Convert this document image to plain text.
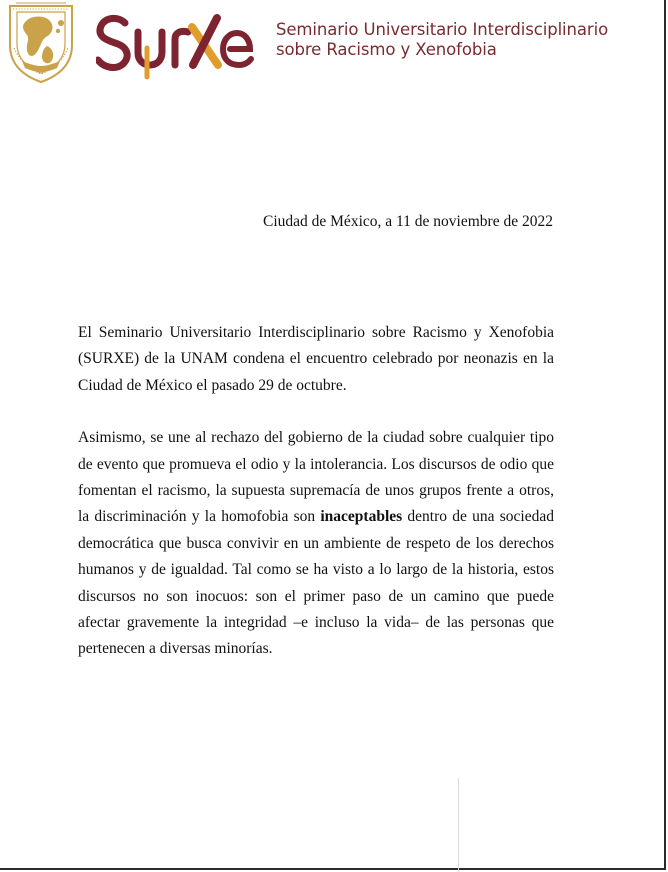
Seminario Universitario Interdisciplinario
sobre Racismo y Xenofobia
Ciudad de México, a 11 de noviembre de 2022

El Seminario Universitario Interdisciplinario sobre Racismo y Xenofobia (SURXE) de la UNAM condena el encuentro celebrado por neonazis en la Ciudad de México el pasado 29 de octubre.

Asimismo, se une al rechazo del gobierno de la ciudad sobre cualquier tipo de evento que promueva el odio y la intolerancia. Los discursos de odio que fomentan el racismo, la supuesta supremacía de unos grupos frente a otros, la discriminación y la homofobia son inaceptables dentro de una sociedad democrática que busca convivir en un ambiente de respeto de los derechos humanos y de igualdad. Tal como se ha visto a lo largo de la historia, estos discursos no son inocuos: son el primer paso de un camino que puede afectar gravemente la integridad –e incluso la vida– de las personas que pertenecen a diversas minorías.
